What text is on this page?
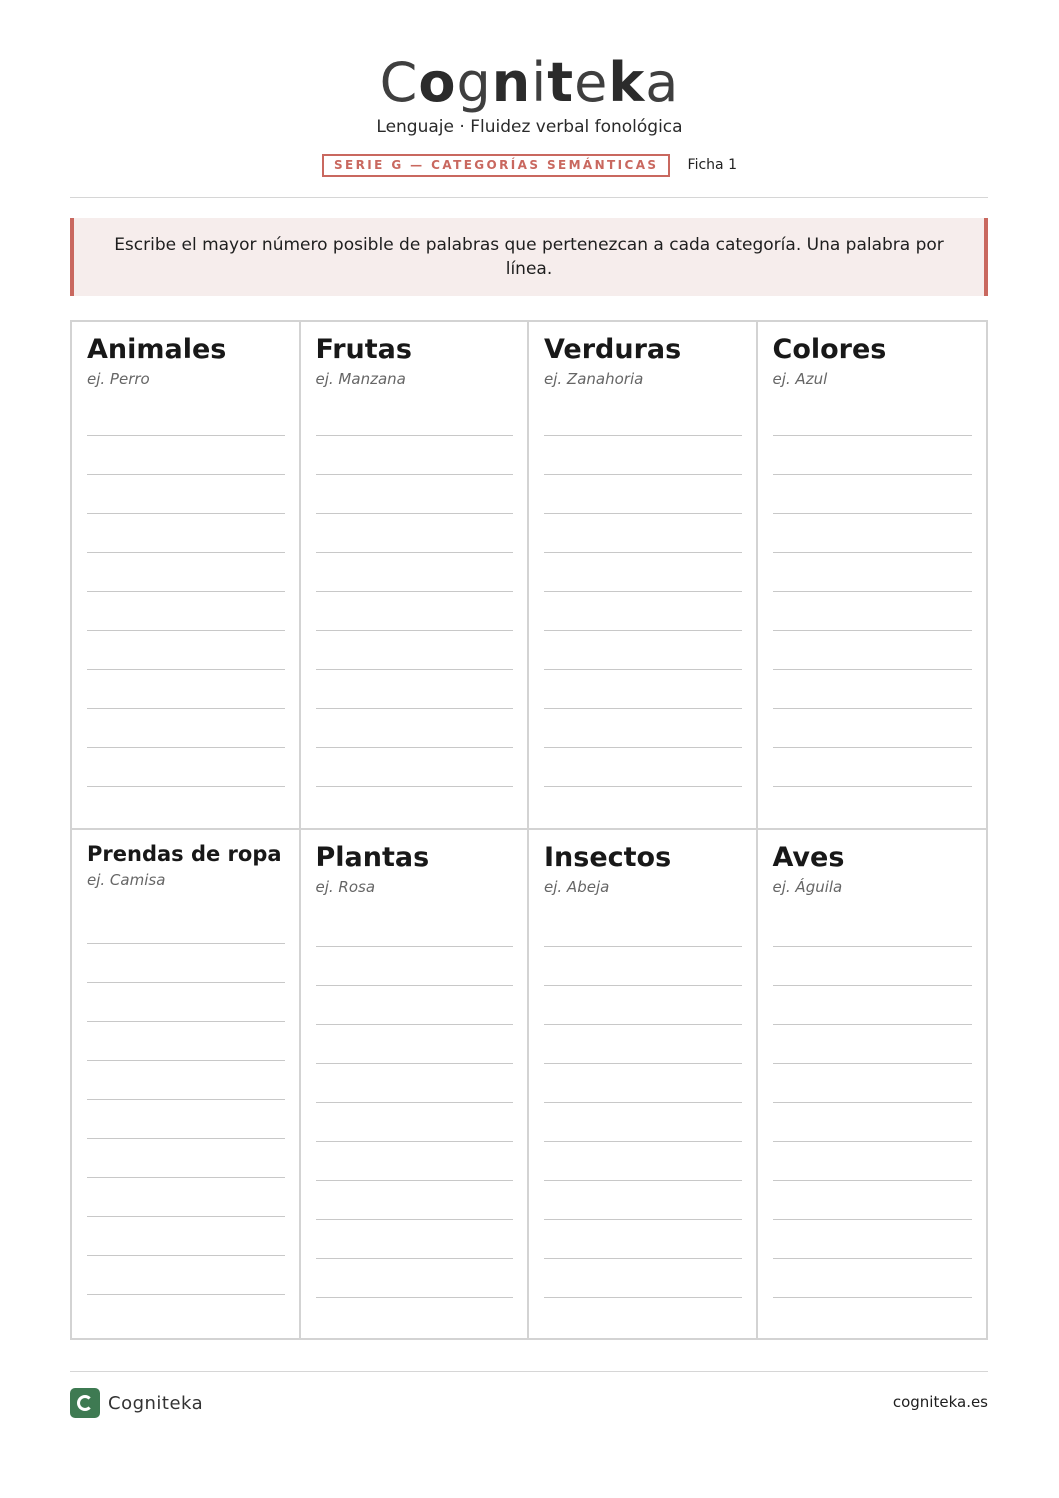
Cogniteka
Lenguaje · Fluidez verbal fonológica
SERIE G — CATEGORÍAS SEMÁNTICAS Ficha 1

Escribe el mayor número posible de palabras que pertenezcan a cada categoría. Una palabra por línea.

Animales
ej. Perro
Frutas
ej. Manzana
Verduras
ej. Zanahoria
Colores
ej. Azul
Prendas de ropa
ej. Camisa
Plantas
ej. Rosa
Insectos
ej. Abeja
Aves
ej. Águila
Cogniteka	cogniteka.es
